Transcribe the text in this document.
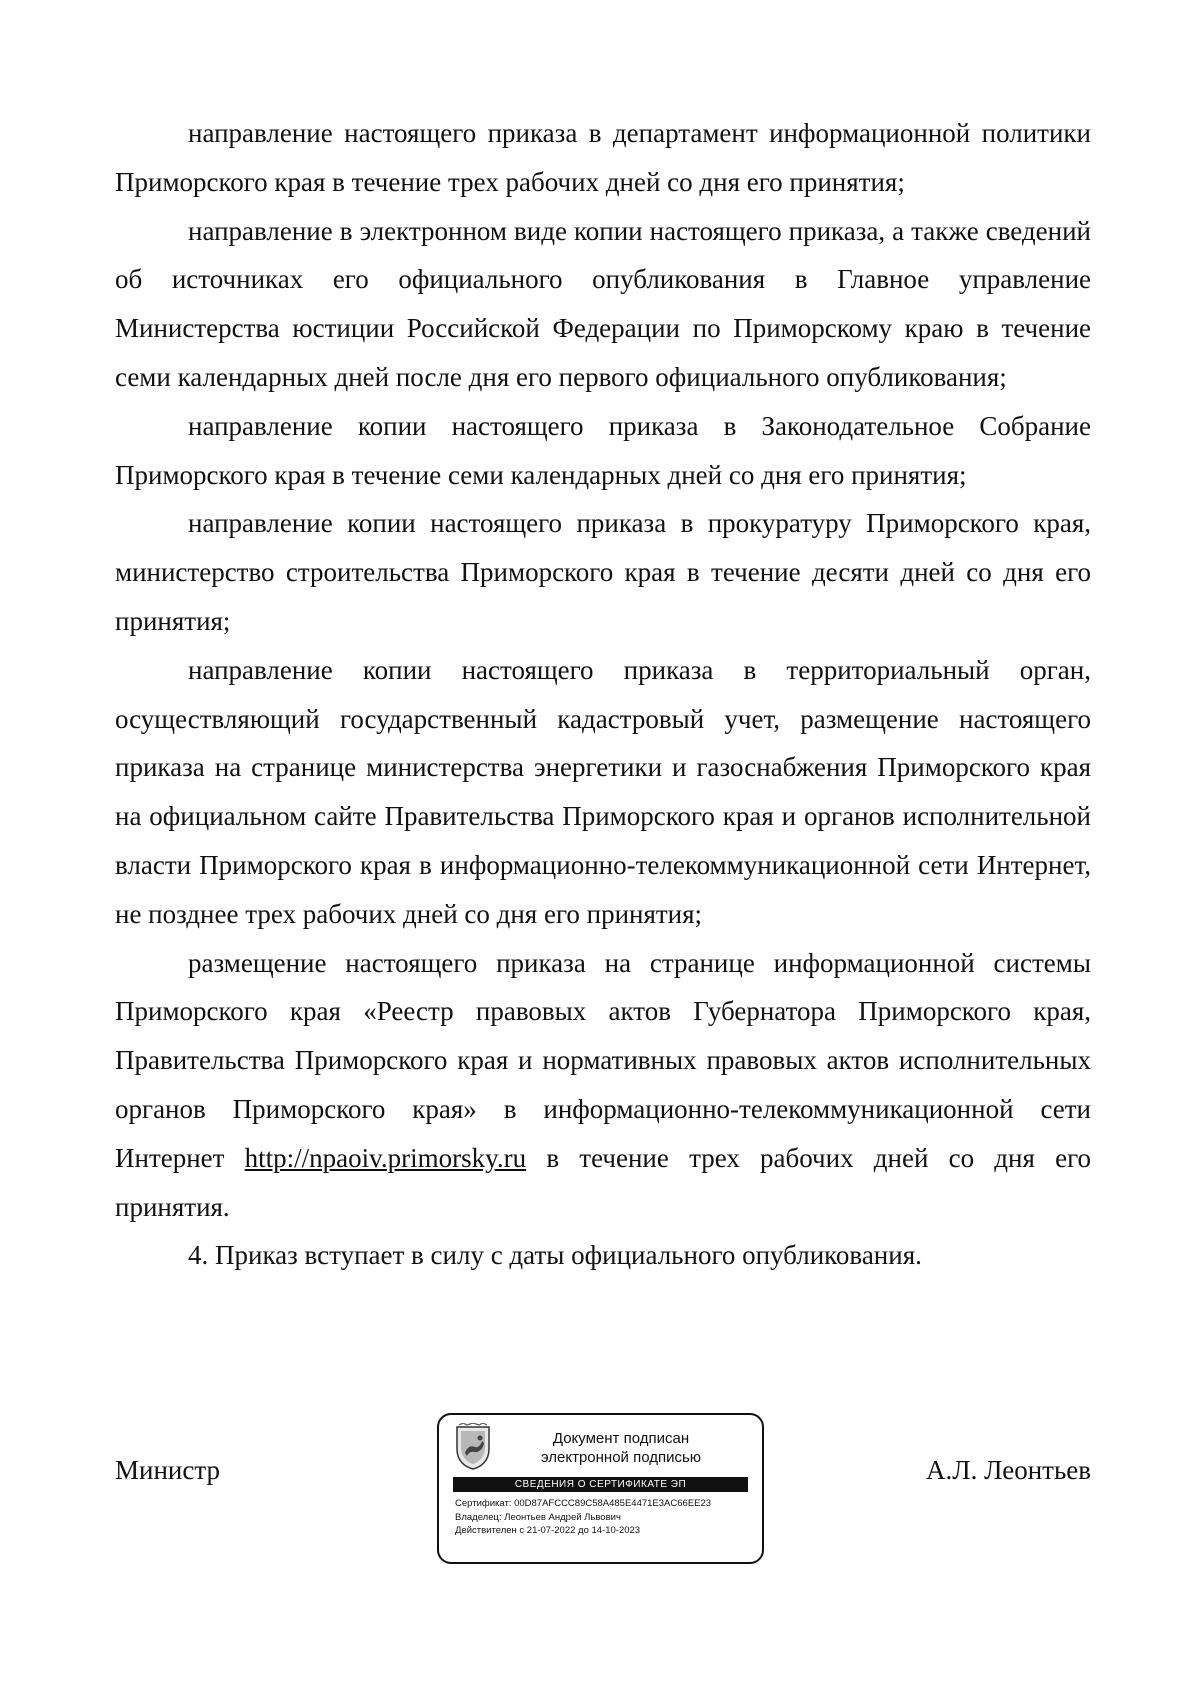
направление настоящего приказа в департамент информационной политики Приморского края в течение трех рабочих дней со дня его принятия;

направление в электронном виде копии настоящего приказа, а также сведений об источниках его официального опубликования в Главное управление Министерства юстиции Российской Федерации по Приморскому краю в течение семи календарных дней после дня его первого официального опубликования;

направление копии настоящего приказа в Законодательное Собрание Приморского края в течение семи календарных дней со дня его принятия;

направление копии настоящего приказа в прокуратуру Приморского края, министерство строительства Приморского края в течение десяти дней со дня его принятия;

направление копии настоящего приказа в территориальный орган, осуществляющий государственный кадастровый учет, размещение настоящего приказа на странице министерства энергетики и газоснабжения Приморского края на официальном сайте Правительства Приморского края и органов исполнительной власти Приморского края в информационно-телекоммуникационной сети Интернет, не позднее трех рабочих дней со дня его принятия;

размещение настоящего приказа на странице информационной системы Приморского края «Реестр правовых актов Губернатора Приморского края, Правительства Приморского края и нормативных правовых актов исполнительных органов Приморского края» в информационно-телекоммуникационной сети Интернет http://npaoiv.primorsky.ru в течение трех рабочих дней со дня его принятия.

4. Приказ вступает в силу с даты официального опубликования.

Министр
Документ подписан
электронной подписью
СВЕДЕНИЯ О СЕРТИФИКАТЕ ЭП
Сертификат: 00D87AFCCC89C58A485E4471E3AC66EE23
Владелец: Леонтьев Андрей Львович
Действителен с 21-07-2022 до 14-10-2023
А.Л. Леонтьев
